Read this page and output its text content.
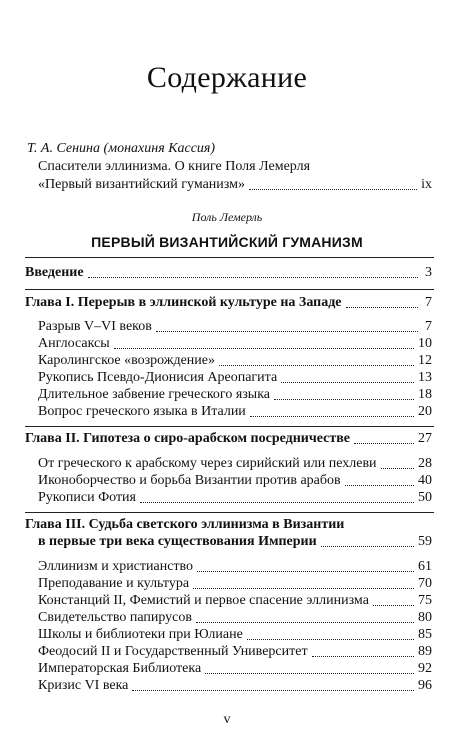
Содержание
Т. А. Сенина (монахиня Кассия)
Спасители эллинизма. О книге Поля Лемерля
«Первый византийский гуманизм»	ix
Поль Лемерль
ПЕРВЫЙ ВИЗАНТИЙСКИЙ ГУМАНИЗМ
Введение	3
Глава I. Перерыв в эллинской культуре на Западе	7
Разрыв V–VI веков	7
Англосаксы	10
Каролингское «возрождение»	12
Рукопись Псевдо-Дионисия Ареопагита	13
Длительное забвение греческого языка	18
Вопрос греческого языка в Италии	20
Глава II. Гипотеза о сиро-арабском посредничестве	27
От греческого к арабскому через сирийский или пехлеви	28
Иконоборчество и борьба Византии против арабов	40
Рукописи Фотия	50
Глава III. Судьба светского эллинизма в Византии
в первые три века существования Империи	59
Эллинизм и христианство	61
Преподавание и культура	70
Констанций II, Фемистий и первое спасение эллинизма	75
Свидетельство папирусов	80
Школы и библиотеки при Юлиане	85
Феодосий II и Государственный Университет	89
Императорская Библиотека	92
Кризис VI века	96
v
